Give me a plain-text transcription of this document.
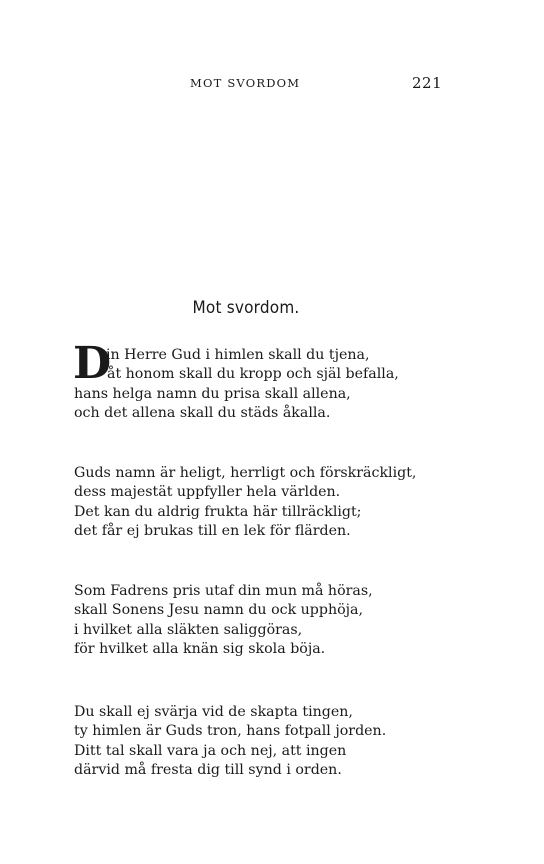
MOT SVORDOM	221
Mot svordom.
D
in Herre Gud i himlen skall du tjena,
åt honom skall du kropp och själ befalla,
hans helga namn du prisa skall allena,
och det allena skall du städs åkalla.
Guds namn är heligt, herrligt och förskräckligt,
dess majestät uppfyller hela världen.
Det kan du aldrig frukta här tillräckligt;
det får ej brukas till en lek för flärden.
Som Fadrens pris utaf din mun må höras,
skall Sonens Jesu namn du ock upphöja,
i hvilket alla släkten saliggöras,
för hvilket alla knän sig skola böja.
Du skall ej svärja vid de skapta tingen,
ty himlen är Guds tron, hans fotpall jorden.
Ditt tal skall vara ja och nej, att ingen
därvid må fresta dig till synd i orden.
